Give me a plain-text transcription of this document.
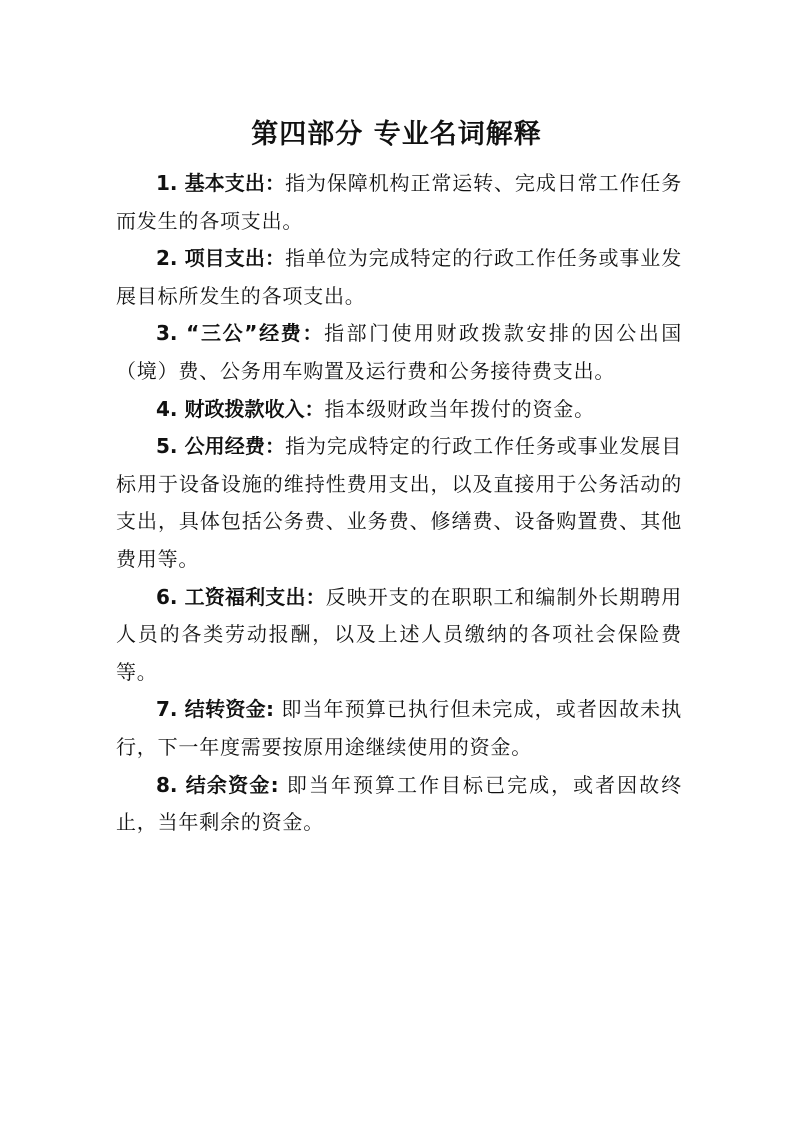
第四部分 专业名词解释

1. 基本支出：指为保障机构正常运转、完成日常工作任务而发生的各项支出。

2. 项目支出：指单位为完成特定的行政工作任务或事业发展目标所发生的各项支出。

3. “三公”经费：指部门使用财政拨款安排的因公出国（境）费、公务用车购置及运行费和公务接待费支出。

4. 财政拨款收入：指本级财政当年拨付的资金。

5. 公用经费：指为完成特定的行政工作任务或事业发展目标用于设备设施的维持性费用支出，以及直接用于公务活动的支出，具体包括公务费、业务费、修缮费、设备购置费、其他费用等。

6. 工资福利支出：反映开支的在职职工和编制外长期聘用人员的各类劳动报酬，以及上述人员缴纳的各项社会保险费等。

7. 结转资金: 即当年预算已执行但未完成，或者因故未执行，下一年度需要按原用途继续使用的资金。

8. 结余资金: 即当年预算工作目标已完成，或者因故终止，当年剩余的资金。
